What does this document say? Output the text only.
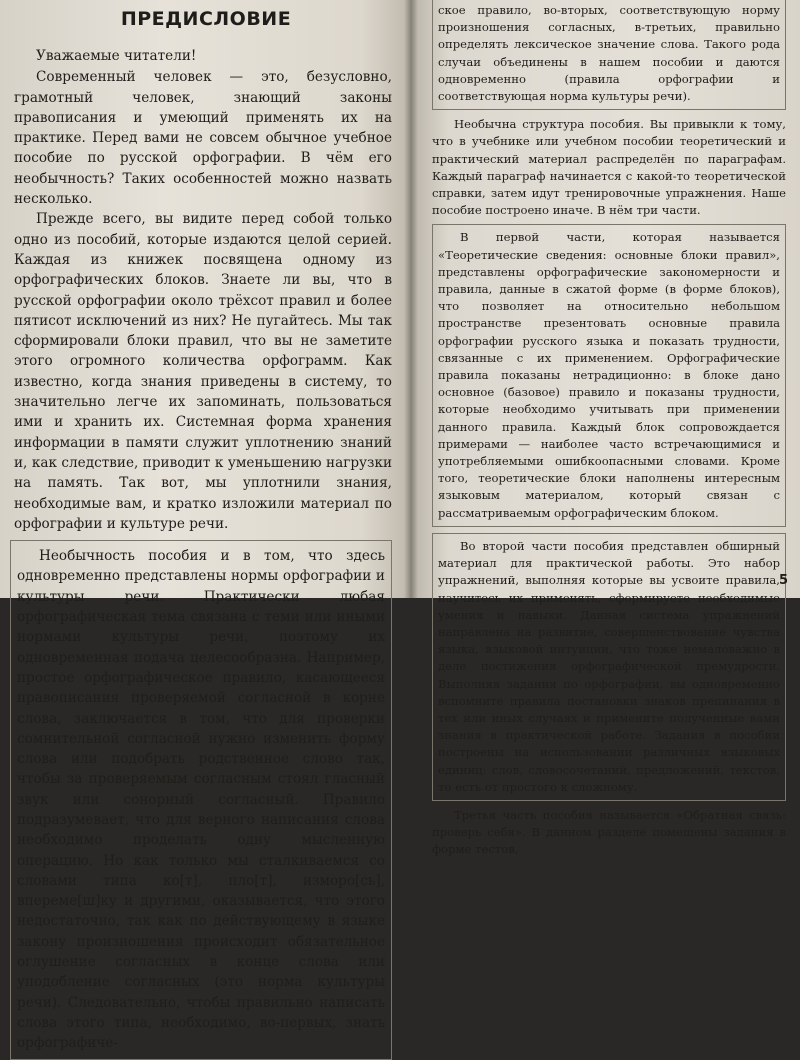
ПРЕДИСЛОВИЕ

Уважаемые читатели!

Современный человек — это, безусловно, грамотный человек, знающий законы правописания и умеющий применять их на практике. Перед вами не совсем обычное учебное пособие по русской орфографии. В чём его необычность? Таких особенностей можно назвать несколько.

Прежде всего, вы видите перед собой только одно из пособий, которые издаются целой серией. Каждая из книжек посвящена одному из орфографических блоков. Знаете ли вы, что в русской орфографии около трёхсот правил и более пятисот исключений из них? Не пугайтесь. Мы так сформировали блоки правил, что вы не заметите этого огромного количества орфограмм. Как известно, когда знания приведены в систему, то значительно легче их запоминать, пользоваться ими и хранить их. Системная форма хранения информации в памяти служит уплотнению знаний и, как следствие, приводит к уменьшению нагрузки на память. Так вот, мы уплотнили знания, необходимые вам, и кратко изложили материал по орфографии и культуре речи.

Необычность пособия и в том, что здесь одновременно представлены нормы орфографии и культуры речи. Практически любая орфографическая тема связана с теми или иными нормами культуры речи, поэтому их одновременная подача целесообразна. Например, простое орфографическое правило, касающееся правописания проверяемой согласной в корне слова, заключается в том, что для проверки сомнительной согласной нужно изменить форму слова или подобрать родственное слово так, чтобы за проверяемым согласным стоял гласный звук или сонорный согласный. Правило подразумевает, что для верного написания слова необходимо проделать одну мысленную операцию. Но как только мы сталкиваемся со словами типа ко[т], пло[т], изморо[сь], впереме[ш]ку и другими, оказывается, что этого недостаточно, так как по действующему в языке закону произношения происходит обязательное оглушение согласных в конце слова или уподобление согласных (это норма культуры речи). Следовательно, чтобы правильно написать слова этого типа, необходимо, во-первых, знать орфографиче-

ское правило, во-вторых, соответствующую норму произношения согласных, в-третьих, правильно определять лексическое значение слова. Такого рода случаи объединены в нашем пособии и даются одновременно (правила орфографии и соответствующая норма культуры речи).

Необычна структура пособия. Вы привыкли к тому, что в учебнике или учебном пособии теоретический и практический материал распределён по параграфам. Каждый параграф начинается с какой-то теоретической справки, затем идут тренировочные упражнения. Наше пособие построено иначе. В нём три части.

В первой части, которая называется «Теоретические сведения: основные блоки правил», представлены орфографические закономерности и правила, данные в сжатой форме (в форме блоков), что позволяет на относительно небольшом пространстве презентовать основные правила орфографии русского языка и показать трудности, связанные с их применением. Орфографические правила показаны нетрадиционно: в блоке дано основное (базовое) правило и показаны трудности, которые необходимо учитывать при применении данного правила. Каждый блок сопровождается примерами — наиболее часто встречающимися и употребляемыми ошибкоопасными словами. Кроме того, теоретические блоки наполнены интересным языковым материалом, который связан с рассматриваемым орфографическим блоком.

Во второй части пособия представлен обширный материал для практической работы. Это набор упражнений, выполняя которые вы усвоите правила, научитесь их применять, сформируете необходимые умения и навыки. Данная система упражнений направлена на развитие, совершенствование чувства языка, языковой интуиции, что тоже немаловажно в деле постижения орфографической премудрости. Выполняя задания по орфографии, вы одновременно вспомните правила постановки знаков препинания в тех или иных случаях и примените полученные вами знания в практической работе. Задания в пособии построены на использовании различных языковых единиц: слов, словосочетаний, предложений, текстов, то есть от простого к сложному.

Третья часть пособия называется «Обратная связь: проверь себя». В данном разделе помещены задания в форме тестов,

5
